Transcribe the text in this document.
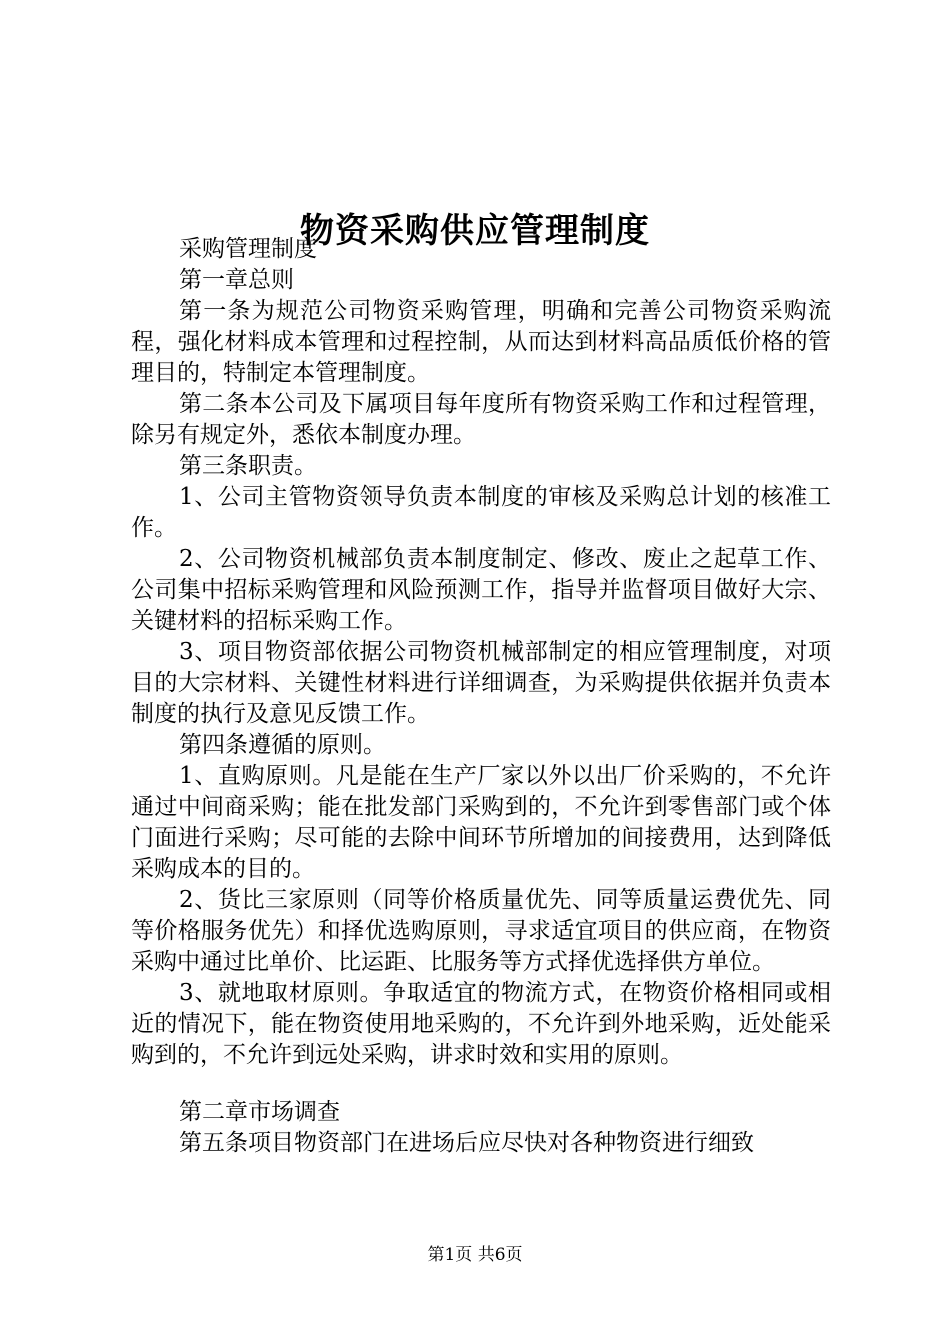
物资采购供应管理制度

采购管理制度

第一章总则

第一条为规范公司物资采购管理，明确和完善公司物资采购流程，强化材料成本管理和过程控制，从而达到材料高品质低价格的管理目的，特制定本管理制度。

第二条本公司及下属项目每年度所有物资采购工作和过程管理，除另有规定外，悉依本制度办理。

第三条职责。

1、公司主管物资领导负责本制度的审核及采购总计划的核准工作。

2、公司物资机械部负责本制度制定、修改、废止之起草工作、公司集中招标采购管理和风险预测工作，指导并监督项目做好大宗、关键材料的招标采购工作。

3、项目物资部依据公司物资机械部制定的相应管理制度，对项目的大宗材料、关键性材料进行详细调查，为采购提供依据并负责本制度的执行及意见反馈工作。

第四条遵循的原则。

1、直购原则。凡是能在生产厂家以外以出厂价采购的，不允许通过中间商采购；能在批发部门采购到的，不允许到零售部门或个体门面进行采购；尽可能的去除中间环节所增加的间接费用，达到降低采购成本的目的。

2、货比三家原则（同等价格质量优先、同等质量运费优先、同等价格服务优先）和择优选购原则，寻求适宜项目的供应商，在物资采购中通过比单价、比运距、比服务等方式择优选择供方单位。

3、就地取材原则。争取适宜的物流方式，在物资价格相同或相近的情况下，能在物资使用地采购的，不允许到外地采购，近处能采购到的，不允许到远处采购，讲求时效和实用的原则。

第二章市场调查

第五条项目物资部门在进场后应尽快对各种物资进行细致

第1页 共6页
